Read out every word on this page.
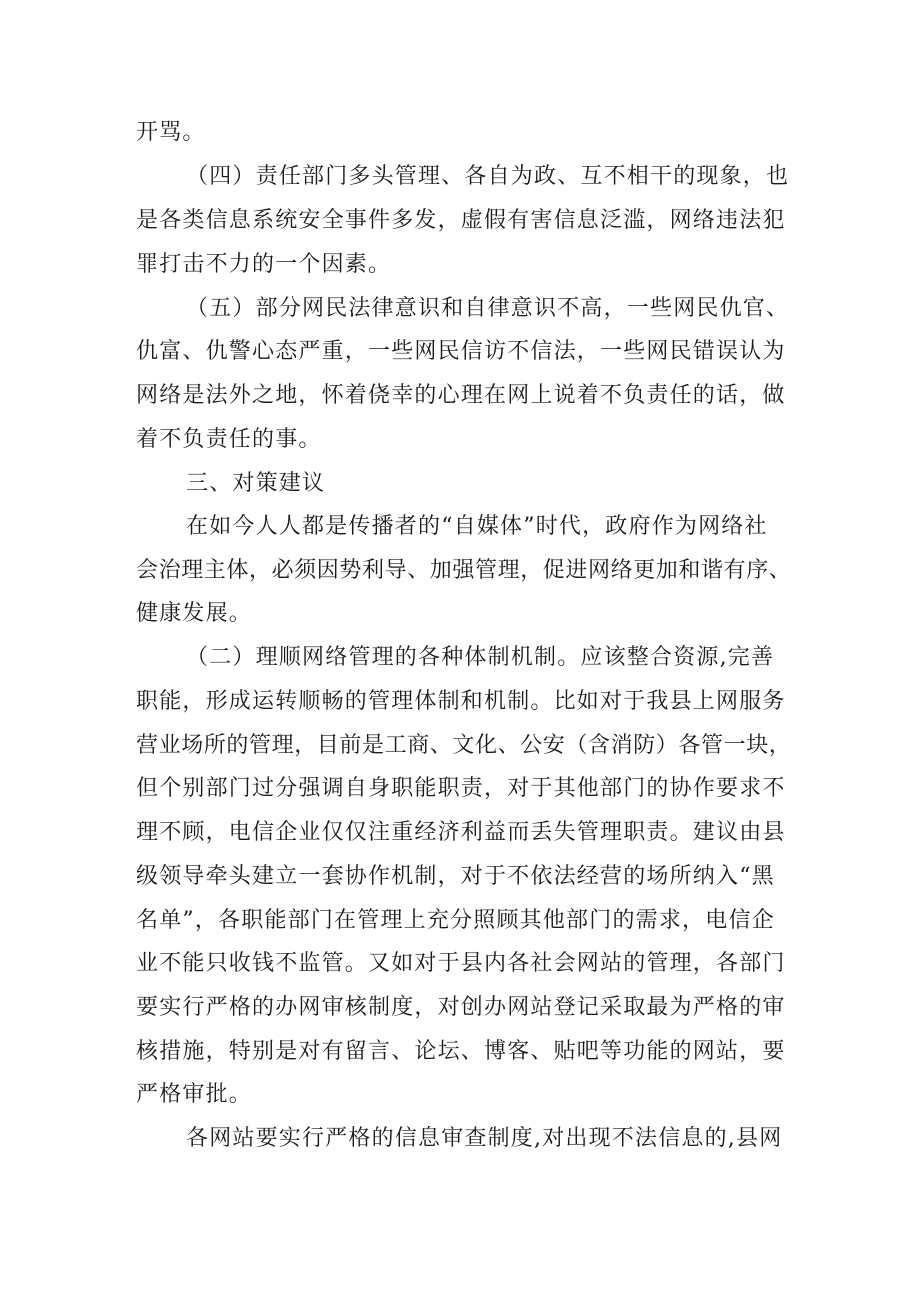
开骂。
（四）责任部门多头管理、各自为政、互不相干的现象，也
是各类信息系统安全事件多发，虚假有害信息泛滥，网络违法犯
罪打击不力的一个因素。
（五）部分网民法律意识和自律意识不高，一些网民仇官、
仇富、仇警心态严重，一些网民信访不信法，一些网民错误认为
网络是法外之地，怀着侥幸的心理在网上说着不负责任的话，做
着不负责任的事。
三、对策建议
在如今人人都是传播者的“自媒体”时代，政府作为网络社
会治理主体，必须因势利导、加强管理，促进网络更加和谐有序、
健康发展。
（二）理顺网络管理的各种体制机制。应该整合资源,完善
职能，形成运转顺畅的管理体制和机制。比如对于我县上网服务
营业场所的管理，目前是工商、文化、公安（含消防）各管一块，
但个别部门过分强调自身职能职责，对于其他部门的协作要求不
理不顾，电信企业仅仅注重经济利益而丢失管理职责。建议由县
级领导牵头建立一套协作机制，对于不依法经营的场所纳入“黑
名单”，各职能部门在管理上充分照顾其他部门的需求，电信企
业不能只收钱不监管。又如对于县内各社会网站的管理，各部门
要实行严格的办网审核制度，对创办网站登记采取最为严格的审
核措施，特别是对有留言、论坛、博客、贴吧等功能的网站，要
严格审批。
各网站要实行严格的信息审查制度,对出现不法信息的,县网
